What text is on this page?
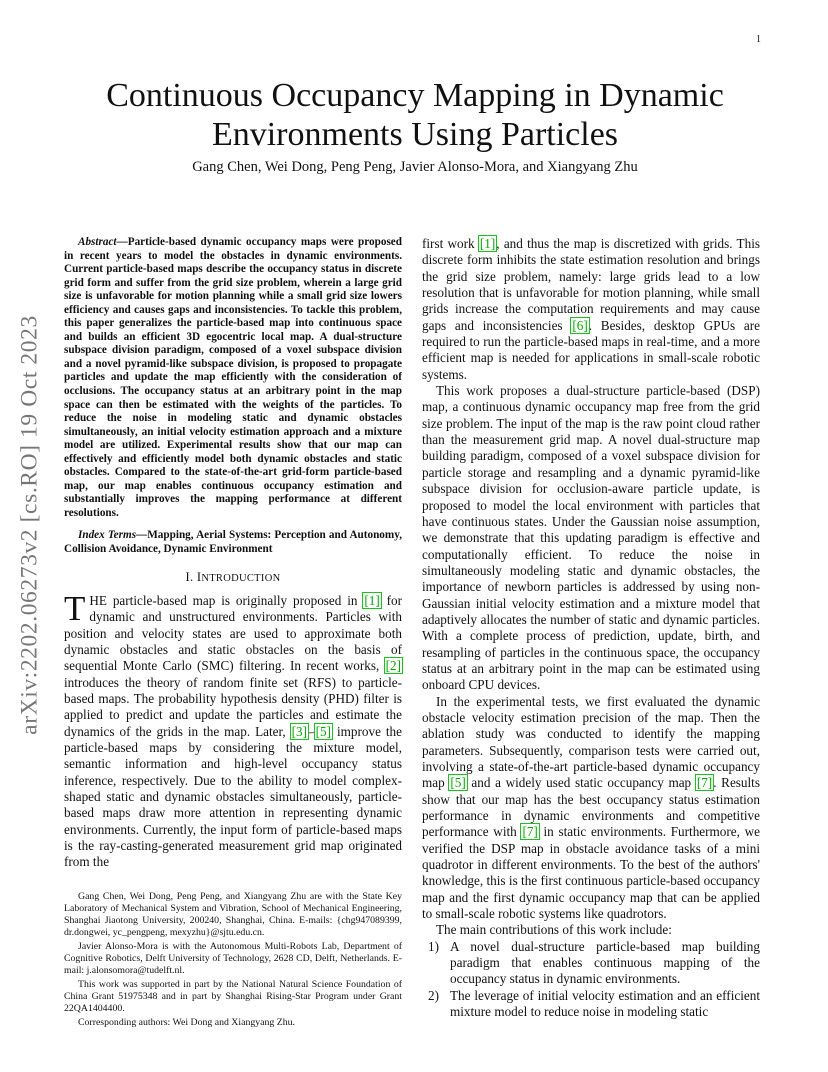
1
arXiv:2202.06273v2 [cs.RO] 19 Oct 2023
Continuous Occupancy Mapping in Dynamic
Environments Using Particles
Gang Chen, Wei Dong, Peng Peng, Javier Alonso-Mora, and Xiangyang Zhu

Abstract—Particle-based dynamic occupancy maps were proposed in recent years to model the obstacles in dynamic environments. Current particle-based maps describe the occupancy status in discrete grid form and suffer from the grid size problem, wherein a large grid size is unfavorable for motion planning while a small grid size lowers efficiency and causes gaps and inconsistencies. To tackle this problem, this paper generalizes the particle-based map into continuous space and builds an efficient 3D egocentric local map. A dual-structure subspace division paradigm, composed of a voxel subspace division and a novel pyramid-like subspace division, is proposed to propagate particles and update the map efficiently with the consideration of occlusions. The occupancy status at an arbitrary point in the map space can then be estimated with the weights of the particles. To reduce the noise in modeling static and dynamic obstacles simultaneously, an initial velocity estimation approach and a mixture model are utilized. Experimental results show that our map can effectively and efficiently model both dynamic obstacles and static obstacles. Compared to the state-of-the-art grid-form particle-based map, our map enables continuous occupancy estimation and substantially improves the mapping performance at different resolutions.

Index Terms—Mapping, Aerial Systems: Perception and Autonomy, Collision Avoidance, Dynamic Environment

I. INTRODUCTION

THE particle-based map is originally proposed in [1] for dynamic and unstructured environments. Particles with position and velocity states are used to approximate both dynamic obstacles and static obstacles on the basis of sequential Monte Carlo (SMC) filtering. In recent works, [2] introduces the theory of random finite set (RFS) to particle-based maps. The probability hypothesis density (PHD) filter is applied to predict and update the particles and estimate the dynamics of the grids in the map. Later, [3]–[5] improve the particle-based maps by considering the mixture model, semantic information and high-level occupancy status inference, respectively. Due to the ability to model complex-shaped static and dynamic obstacles simultaneously, particle-based maps draw more attention in representing dynamic environments. Currently, the input form of particle-based maps is the ray-casting-generated measurement grid map originated from the

Gang Chen, Wei Dong, Peng Peng, and Xiangyang Zhu are with the State Key Laboratory of Mechanical System and Vibration, School of Mechanical Engineering, Shanghai Jiaotong University, 200240, Shanghai, China. E-mails: {chg947089399, dr.dongwei, yc_pengpeng, mexyzhu}@sjtu.edu.cn.

Javier Alonso-Mora is with the Autonomous Multi-Robots Lab, Department of Cognitive Robotics, Delft University of Technology, 2628 CD, Delft, Netherlands. E-mail: j.alonsomora@tudelft.nl.

This work was supported in part by the National Natural Science Foundation of China Grant 51975348 and in part by Shanghai Rising-Star Program under Grant 22QA1404400.

Corresponding authors: Wei Dong and Xiangyang Zhu.

first work [1], and thus the map is discretized with grids. This discrete form inhibits the state estimation resolution and brings the grid size problem, namely: large grids lead to a low resolution that is unfavorable for motion planning, while small grids increase the computation requirements and may cause gaps and inconsistencies [6]. Besides, desktop GPUs are required to run the particle-based maps in real-time, and a more efficient map is needed for applications in small-scale robotic systems.

This work proposes a dual-structure particle-based (DSP) map, a continuous dynamic occupancy map free from the grid size problem. The input of the map is the raw point cloud rather than the measurement grid map. A novel dual-structure map building paradigm, composed of a voxel subspace division for particle storage and resampling and a dynamic pyramid-like subspace division for occlusion-aware particle update, is proposed to model the local environment with particles that have continuous states. Under the Gaussian noise assumption, we demonstrate that this updating paradigm is effective and computationally efficient. To reduce the noise in simultaneously modeling static and dynamic obstacles, the importance of newborn particles is addressed by using non-Gaussian initial velocity estimation and a mixture model that adaptively allocates the number of static and dynamic particles. With a complete process of prediction, update, birth, and resampling of particles in the continuous space, the occupancy status at an arbitrary point in the map can be estimated using onboard CPU devices.

In the experimental tests, we first evaluated the dynamic obstacle velocity estimation precision of the map. Then the ablation study was conducted to identify the mapping parameters. Subsequently, comparison tests were carried out, involving a state-of-the-art particle-based dynamic occupancy map [5] and a widely used static occupancy map [7]. Results show that our map has the best occupancy status estimation performance in dynamic environments and competitive performance with [7] in static environments. Furthermore, we verified the DSP map in obstacle avoidance tasks of a mini quadrotor in different environments. To the best of the authors' knowledge, this is the first continuous particle-based occupancy map and the first dynamic occupancy map that can be applied to small-scale robotic systems like quadrotors.

The main contributions of this work include:

1) A novel dual-structure particle-based map building paradigm that enables continuous mapping of the occupancy status in dynamic environments.
2) The leverage of initial velocity estimation and an efficient mixture model to reduce noise in modeling static
